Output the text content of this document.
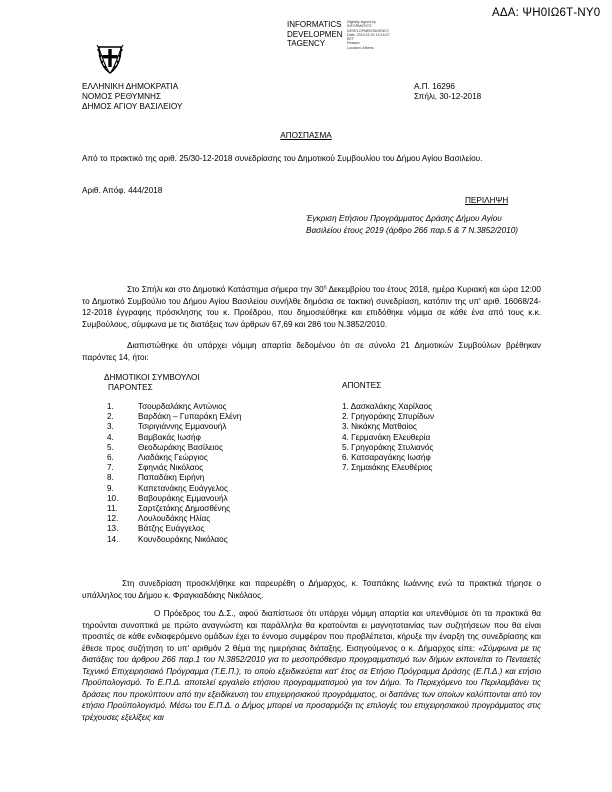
ΑΔΑ: ΨΗ0ΙΩ6Τ-ΝΥ0
INFORMATICS
DEVELOPMEN
TAGENCY
Digitally signed by
INFORMATICS
DEVELOPMENTAGENCY
Date: 2019.01.02 13:18:27
EET
Reason:
Location: Athens
ΕΛΛΗΝΙΚΗ ΔΗΜΟΚΡΑΤΙΑ
ΝΟΜΟΣ ΡΕΘΥΜΝΗΣ
ΔΗΜΟΣ ΑΓΙΟΥ ΒΑΣΙΛΕΙΟΥ
Α.Π. 16296
Σπήλι, 30-12-2018
ΑΠΟΣΠΑΣΜΑ
Από το πρακτικό της αριθ. 25/30-12-2018 συνεδρίασης του Δημοτικού Συμβουλίου του Δήμου Αγίου Βασιλείου.
Αριθ. Απόφ. 444/2018
ΠΕΡΙΛΗΨΗ
Έγκριση Ετήσιου Προγράμματος Δράσης Δήμου Αγίου Βασιλείου έτους 2019 (άρθρο 266 παρ.5 & 7 Ν.3852/2010)
Στο Σπήλι και στο Δημοτικό Κατάστημα σήμερα την $30^\eta$ Δεκεμβρίου του έτους 2018, ημέρα Κυριακή και ώρα 12:00 το Δημοτικό Συμβούλιο του Δήμου Αγίου Βασιλείου συνήλθε δημόσια σε τακτική συνεδρίαση, κατόπιν της υπ' αριθ. 16068/24-12-2018 έγγραφης πρόσκλησης του κ. Προέδρου, που δημοσιεύθηκε και επιδόθηκε νόμιμα σε κάθε ένα από τους κ.κ. Συμβούλους, σύμφωνα με τις διατάξεις των άρθρων 67,69 και 286 του Ν.3852/2010.
Διαπιστώθηκε ότι υπάρχει νόμιμη απαρτία δεδομένου ότι σε σύνολο 21 Δημοτικών Συμβούλων βρέθηκαν παρόντες 14, ήτοι:
ΔΗΜΟΤΙΚΟΙ ΣΥΜΒΟΥΛΟΙ
ΠΑΡΟΝΤΕΣ
1.	Τσουρδαλάκης Αντώνιος
2.	Βαρδάκη – Γυπαράκη Ελένη
3.	Τσιριγιάννης Εμμανουήλ
4.	Βαμβακάς Ιωσήφ
5.	Θεοδωράκης Βασίλειος
6.	Λιαδάκης Γεώργιος
7.	Σφηνιάς Νικόλαος
8.	Παπαδάκη Ειρήνη
9.	Καπετανάκης Ευάγγελος
10. Βαβουράκης Εμμανουήλ
11. Σαρτζετάκης Δημοσθένης
12. Λουλουδάκης Ηλίας
13. Βάτζης Ευάγγελος
14. Κουνδουράκης Νικόλαος
ΑΠΟΝΤΕΣ
1. Δασκαλάκης Χαρίλαος
2. Γρηγοράκης Σπυρίδων
3. Νικάκης Ματθαίος
4. Γερμανάκη Ελευθερία
5. Γρηγοράκης Στυλιανός
6. Κατσαραγάκης Ιωσήφ
7. Σημαιάκης Ελευθέριος
Στη συνεδρίαση προσκλήθηκε και παρευρέθη ο Δήμαρχος, κ. Τσαπάκης Ιωάννης ενώ τα πρακτικά τήρησε ο υπάλληλος του Δήμου κ. Φραγκιαδάκης Νικόλαος.
Ο Πρόεδρος του Δ.Σ., αφού διαπίστωσε ότι υπάρχει νόμιμη απαρτία και υπενθύμισε ότι τα πρακτικά θα τηρούνται συνοπτικά με πρώτο αναγνώστη και παράλληλα θα κρατούνται ει μαγνητοταινίας των συζητήσεων που θα είναι προσιτές σε κάθε ενδιαφερόμενο ομάδων έχει το έννομο συμφέρον που προβλέπεται, κήρυξε την έναρξη της συνεδρίασης και έθεσε προς συζήτηση το υπ' αριθμόν 2 θέμα της ημερήσιας διάταξης. Εισηγούμενος ο κ. Δήμαρχος είπε: «Σύμφωνα με τις διατάξεις του άρθρου 266 παρ.1 του Ν.3852/2010 για το μεσοπρόθεσμο προγραμματισμό των δήμων εκπονείται το Πενταετές Τεχνικό Επιχειρησιακό Πρόγραμμα (Τ.Ε.Π.), το οποίο εξειδικεύεται κατ' έτος σε Ετήσιο Πρόγραμμα Δράσης (Ε.Π.Δ.) και ετήσιο Προϋπολογισμό. Το Ε.Π.Δ. αποτελεί εργαλείο ετήσιου προγραμματισμού για τον Δήμο. Το Περιεχόμενο του Περιλαμβάνει τις δράσεις που προκύπτουν από την εξειδίκευση του επιχειρησιακού προγράμματος, οι δαπάνες των οποίων καλύπτονται από τον ετήσιο Προϋπολογισμό. Μέσω του Ε.Π.Δ. ο Δήμος μπορεί να προσαρμόζει τις επιλογές του επιχειρησιακού προγράμματος στις τρέχουσες εξελίξεις και
